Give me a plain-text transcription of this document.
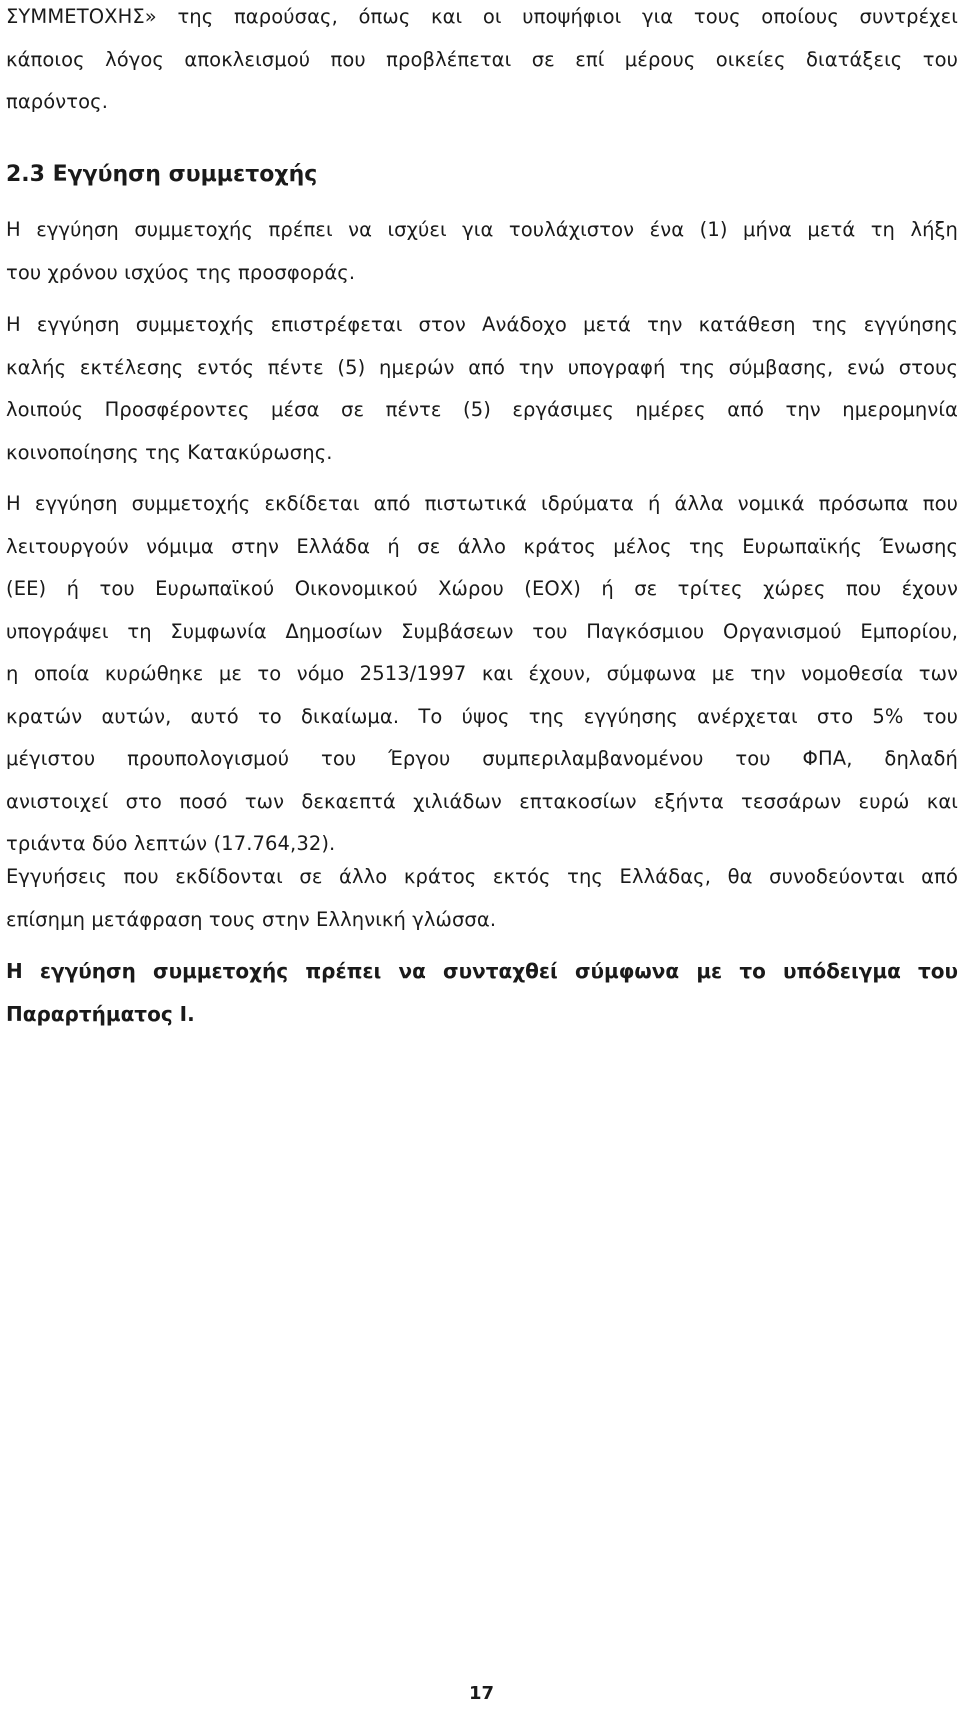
ΣΥΜΜΕΤΟΧΗΣ» της παρούσας, όπως και οι υποψήφιοι για τους οποίους συντρέχει
κάποιος λόγος αποκλεισμού που προβλέπεται σε επί μέρους οικείες διατάξεις του
παρόντος.
2.3 Εγγύηση συμμετοχής
Η εγγύηση συμμετοχής πρέπει να ισχύει για τουλάχιστον ένα (1) μήνα μετά τη λήξη
του χρόνου ισχύος της προσφοράς.
Η εγγύηση συμμετοχής επιστρέφεται στον Ανάδοχο μετά την κατάθεση της εγγύησης
καλής εκτέλεσης εντός πέντε (5) ημερών από την υπογραφή της σύμβασης, ενώ στους
λοιπούς Προσφέροντες μέσα σε πέντε (5) εργάσιμες ημέρες από την ημερομηνία
κοινοποίησης της Κατακύρωσης.
Η εγγύηση συμμετοχής εκδίδεται από πιστωτικά ιδρύματα ή άλλα νομικά πρόσωπα που
λειτουργούν νόμιμα στην Ελλάδα ή σε άλλο κράτος μέλος της Ευρωπαϊκής Ένωσης
(ΕΕ) ή του Ευρωπαϊκού Οικονομικού Χώρου (ΕΟΧ) ή σε τρίτες χώρες που έχουν
υπογράψει τη Συμφωνία Δημοσίων Συμβάσεων του Παγκόσμιου Οργανισμού Εμπορίου,
η οποία κυρώθηκε με το νόμο 2513/1997 και έχουν, σύμφωνα με την νομοθεσία των
κρατών αυτών, αυτό το δικαίωμα. Το ύψος της εγγύησης ανέρχεται στο 5% του
μέγιστου προυπολογισμού του Έργου συμπεριλαμβανομένου του ΦΠΑ, δηλαδή
ανιστοιχεί στο ποσό των δεκαεπτά χιλιάδων επτακοσίων εξήντα τεσσάρων ευρώ και
τριάντα δύο λεπτών (17.764,32).
Εγγυήσεις που εκδίδονται σε άλλο κράτος εκτός της Ελλάδας, θα συνοδεύονται από
επίσημη μετάφραση τους στην Ελληνική γλώσσα.
Η εγγύηση συμμετοχής πρέπει να συνταχθεί σύμφωνα με το υπόδειγμα του
Παραρτήματος Ι.
17
